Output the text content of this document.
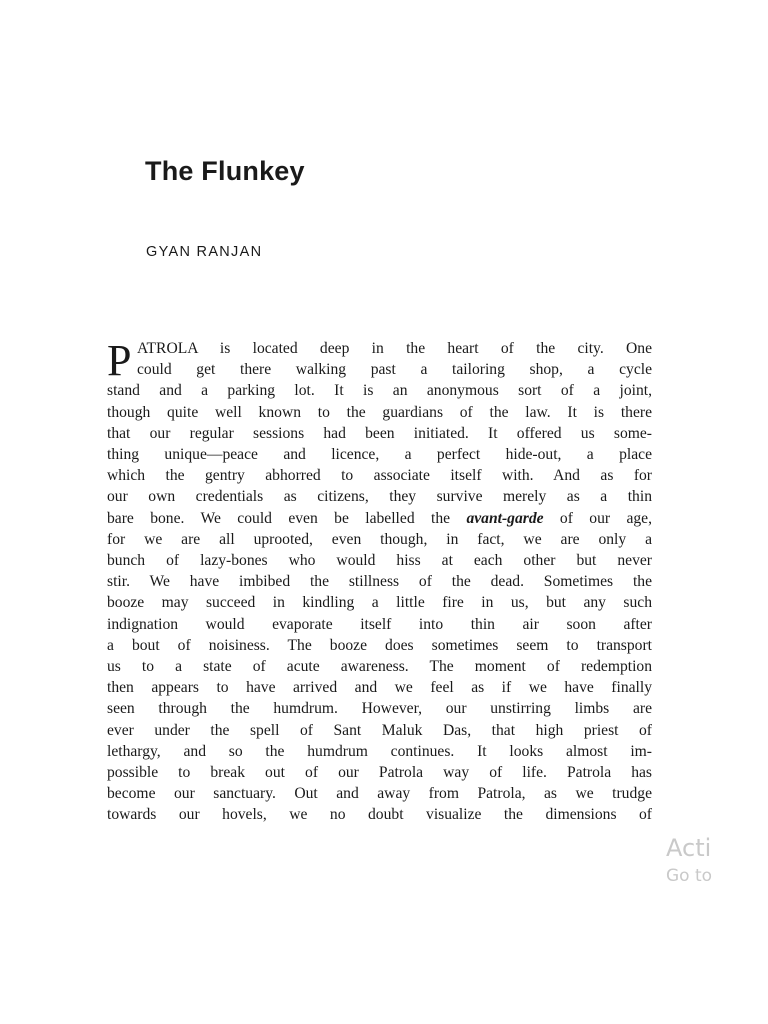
The Flunkey

GYAN RANJAN

P ATROLA is located deep in the heart of the city. One
could get there walking past a tailoring shop, a cycle
stand and a parking lot. It is an anonymous sort of a joint,
though quite well known to the guardians of the law. It is there
that our regular sessions had been initiated. It offered us some-
thing unique—peace and licence, a perfect hide-out, a place
which the gentry abhorred to associate itself with. And as for
our own credentials as citizens, they survive merely as a thin
bare bone. We could even be labelled the avant-garde of our age,
for we are all uprooted, even though, in fact, we are only a
bunch of lazy-bones who would hiss at each other but never
stir. We have imbibed the stillness of the dead. Sometimes the
booze may succeed in kindling a little fire in us, but any such
indignation would evaporate itself into thin air soon after
a bout of noisiness. The booze does sometimes seem to transport
us to a state of acute awareness. The moment of redemption
then appears to have arrived and we feel as if we have finally
seen through the humdrum. However, our unstirring limbs are
ever under the spell of Sant Maluk Das, that high priest of
lethargy, and so the humdrum continues. It looks almost im-
possible to break out of our Patrola way of life. Patrola has
become our sanctuary. Out and away from Patrola, as we trudge
towards our hovels, we no doubt visualize the dimensions of
Acti
Go to
